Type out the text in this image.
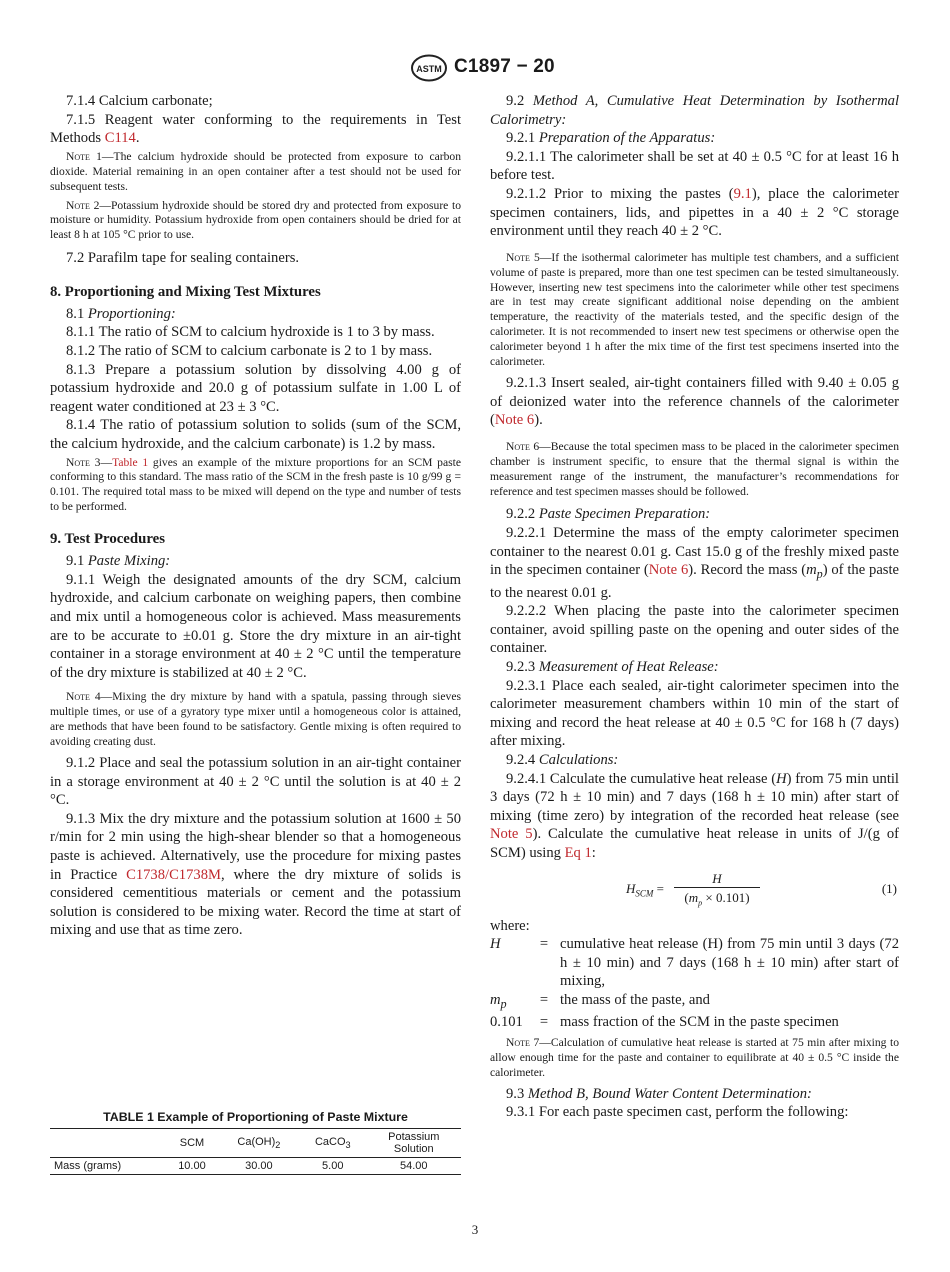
ASTM C1897 − 20

7.1.4 Calcium carbonate;

7.1.5 Reagent water conforming to the requirements in Test Methods C114.

Note 1—The calcium hydroxide should be protected from exposure to carbon dioxide. Material remaining in an open container after a test should not be used for subsequent tests.

Note 2—Potassium hydroxide should be stored dry and protected from exposure to moisture or humidity. Potassium hydroxide from open containers should be dried for at least 8 h at 105 °C prior to use.

7.2 Parafilm tape for sealing containers.

8. Proportioning and Mixing Test Mixtures

8.1 Proportioning:

8.1.1 The ratio of SCM to calcium hydroxide is 1 to 3 by mass.

8.1.2 The ratio of SCM to calcium carbonate is 2 to 1 by mass.

8.1.3 Prepare a potassium solution by dissolving 4.00 g of potassium hydroxide and 20.0 g of potassium sulfate in 1.00 L of reagent water conditioned at 23 ± 3 °C.

8.1.4 The ratio of potassium solution to solids (sum of the SCM, the calcium hydroxide, and the calcium carbonate) is 1.2 by mass.

Note 3—Table 1 gives an example of the mixture proportions for an SCM paste conforming to this standard. The mass ratio of the SCM in the fresh paste is 10 g/99 g = 0.101. The required total mass to be mixed will depend on the type and number of tests to be performed.

9. Test Procedures

9.1 Paste Mixing:

9.1.1 Weigh the designated amounts of the dry SCM, calcium hydroxide, and calcium carbonate on weighing papers, then combine and mix until a homogeneous color is achieved. Mass measurements are to be accurate to ±0.01 g. Store the dry mixture in an air-tight container in a storage environment at 40 ± 2 °C until the temperature of the dry mixture is stabilized at 40 ± 2 °C.

Note 4—Mixing the dry mixture by hand with a spatula, passing through sieves multiple times, or use of a gyratory type mixer until a homogeneous color is attained, are methods that have been found to be satisfactory. Gentle mixing is often required to avoiding creating dust.

9.1.2 Place and seal the potassium solution in an air-tight container in a storage environment at 40 ± 2 °C until the solution is at 40 ± 2 °C.

9.1.3 Mix the dry mixture and the potassium solution at 1600 ± 50 r/min for 2 min using the high-shear blender so that a homogeneous paste is achieved. Alternatively, use the procedure for mixing pastes in Practice C1738/C1738M, where the dry mixture of solids is considered cementitious materials or cement and the potassium solution is considered to be mixing water. Record the time at start of mixing and use that as time zero.

TABLE 1 Example of Proportioning of Paste Mixture
	SCM	$Ca(OH)_2$	CaCO$_3$	Potassium
Solution
Mass (grams)	10.00	30.00	5.00	54.00

9.2 Method A, Cumulative Heat Determination by Isothermal Calorimetry:

9.2.1 Preparation of the Apparatus:

9.2.1.1 The calorimeter shall be set at 40 ± 0.5 °C for at least 16 h before test.

9.2.1.2 Prior to mixing the pastes (9.1), place the calorimeter specimen containers, lids, and pipettes in a 40 ± 2 °C storage environment until they reach 40 ± 2 °C.

Note 5—If the isothermal calorimeter has multiple test chambers, and a sufficient volume of paste is prepared, more than one test specimen can be tested simultaneously. However, inserting new test specimens into the calorimeter while other test specimens are in test may create significant additional noise depending on the ambient temperature, the reactivity of the materials tested, and the specific design of the calorimeter. It is not recommended to insert new test specimens or otherwise open the calorimeter beyond 1 h after the mix time of the first test specimens inserted into the calorimeter.

9.2.1.3 Insert sealed, air-tight containers filled with 9.40 ± 0.05 g of deionized water into the reference channels of the calorimeter (Note 6).

Note 6—Because the total specimen mass to be placed in the calorimeter specimen chamber is instrument specific, to ensure that the thermal signal is within the measurement range of the instrument, the manufacturer’s recommendations for reference and test specimen masses should be followed.

9.2.2 Paste Specimen Preparation:

9.2.2.1 Determine the mass of the empty calorimeter specimen container to the nearest 0.01 g. Cast 15.0 g of the freshly mixed paste in the specimen container (Note 6). Record the mass $(m_p)$ of the paste to the nearest 0.01 g.

9.2.2.2 When placing the paste into the calorimeter specimen container, avoid spilling paste on the opening and outer sides of the container.

9.2.3 Measurement of Heat Release:

9.2.3.1 Place each sealed, air-tight calorimeter specimen into the calorimeter measurement chambers within 10 min of the start of mixing and record the heat release at 40 ± 0.5 °C for 168 h (7 days) after mixing.

9.2.4 Calculations:

9.2.4.1 Calculate the cumulative heat release (H) from 75 min until 3 days (72 h ± 10 min) and 7 days (168 h ± 10 min) after start of mixing (time zero) by integration of the recorded heat release (see Note 5). Calculate the cumulative heat release in units of J/(g of SCM) using Eq 1:

$H_{SCM}$ =
H
$(m_p \times 0.101)$
(1)
where:
H	= cumulative heat release (H) from 75 min until 3 days (72 h ± 10 min) and 7 days (168 h ± 10 min) after start of mixing,
$m_p$	= the mass of the paste, and
0.101	= mass fraction of the SCM in the paste specimen

Note 7—Calculation of cumulative heat release is started at 75 min after mixing to allow enough time for the paste and container to equilibrate at 40 ± 0.5 °C inside the calorimeter.

9.3 Method B, Bound Water Content Determination:

9.3.1 For each paste specimen cast, perform the following:

3
